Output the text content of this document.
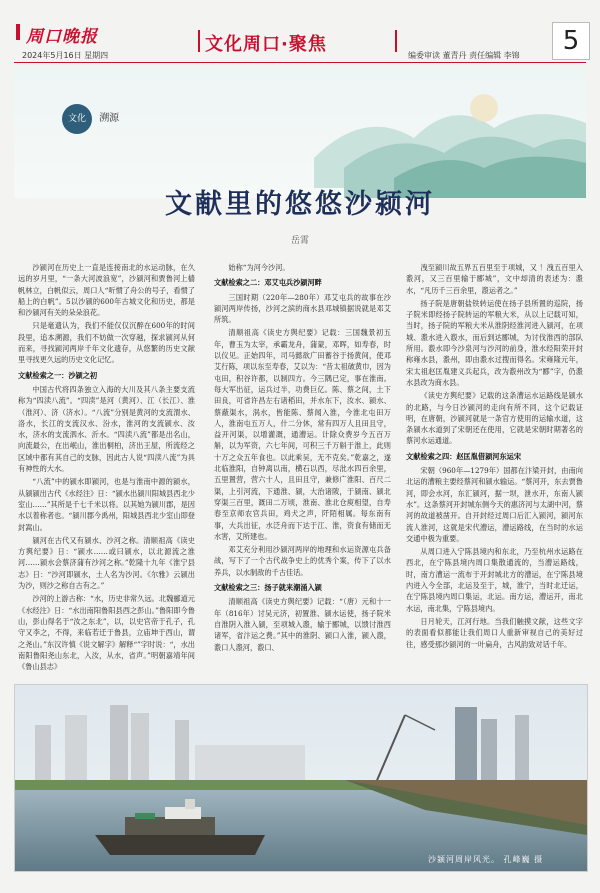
周口晚报
2024年5月16日 星期四
文化周口·聚焦
编委审读 董青丹 责任编辑 李锦	5
文化 溯源
文献里的悠悠沙颍河
岳霄

沙颍河在历史上一直是连接南北的水运动脉，在久远的岁月里，“一条大河波浪宽”，沙颍河和贾鲁河上樯帆林立，白帆似云，周口人“听惯了舟公的号子，看惯了船上的白帆”。5以沙颍的600年古城文化和历史，都是和沙颍河有关的朵朵浪花。

只是毫遗认为，我们不能仅仅沉醉在600年的时间段里，追本溯源，我们不妨做一次穿越，探求颍河从何而来，寻找颍河两岸千年文化遗存，从悠繁的历史文献里寻找更久远的历史文化记忆。

文献检索之一：沙颍之初

中国古代将四条独立入海的大川及其八条主要支流称为“四渎八流”。“四渎”是河（黄河）、江（长江）、淮（淮河）、济（济水）。“八流”分别是黄河的支流渭水、洛水，长江的支流汉水、汾水，淮河的支流颍水、汝水，济水的支流泗水、沂水。“四渎八流”都是出名山，向流最公，在出岷山，淮出桐柏，济出王屋，所流经之区域中都有其自己的支脉，因此古人说“四渎八流”为具有神性的大水。

“八流”中的颍水即颍河，也是与淮南中源的颍水，从颍颍出古代《水经注》日：“颍水出颍川阳城县西北少室山……”其所是千七千米以将。以其她为颍川郡，是因水以着称者也。“颍川郡今禹州，阳城县西北少室山即登封嵩山。

颍河在古代又有颍水、沙河之称。清顺祖高《读史方舆纪要》日：“颍水……或曰颍水，以北源流之淮河……颍水会蔡济蒲有沙河之称。”乾隆十九年《淮宁县志》日：“沙河即颍水，土人名为沙河。《尔雅》云颍出为沙，则沙之称自古有之。”

沙河的上游古称：“水，历史非常久远。北魏郦道元《水经注》日：“水出南阳鲁阳县西之彭山。”鲁阳即今鲁山，彭山得名于“汝之东北”，以，以史官帝于孔子，孔守又李之，不得，来临若迁于鲁县，立庙坤于西山，谓之尧山。”东汉许慎《说文解字》解释“”字时说：“，水出南阳鲁阳尧山东北，入汝，从水，省声。”明朝嘉靖年间《鲁山县志》

始称“为河今沙河。

文献检索之二：邓艾屯兵沙颍河畔

三国时期（220年—280年）邓艾屯兵的故事在沙颍河两岸传扬，沙河之滨的商水县邓城镇据说就是邓艾所筑。

清顺祖高《读史方舆纪要》记载：三国魏景初五年，曹玉为太宰，承霸龙舟，蒲蒙，邓晖，如寿春，时以仪见。正始四年，司马懿欲广田蓄谷于扬黄间，使邓艾行陈，项以东至寿春，艾以为：“昔太祖破黄巾，因为屯田，积谷许都，以制四方。今三隅已定，事在淮南。每大军出征，运兵过半，功费巨亿。陈、蔡之间，土下田良，可省许昌左右诸稻田，并水东下，汝水、颍水、蔡蔽渠水，涡水，皆能陈、蔡闻入淮，今淮北屯田万人，淮南屯五万人，什二分休，常有四万人且田且守，益开河渠，以增灌溉，通漕运。计除众费岁今五百万斛，以为军资，六七年间，可积三千万斛于淮上，此则十万之众五年食也。以此乘吴，无不克矣。”乾嘉之，遂北临淮阳，自钟离以南，横石以西，尽沘水四百余里，五里置营，营六十人，且田且守，兼修广淮阳、百尺二渠，上引河流，下通淮、颍，大治诸陂，于颍南、颍北穿渠三百里，溉田二万顷，淮南、淮北仓庾相望，自寿春至京师农官兵田，鸡犬之声，阡陌相属。每东南有事，大兵出征，水泛舟而下达于江、淮，资食有储而无水害，艾所建也。

邓艾充分利用沙颍河两岸的地理和水运资源屯兵备战，写下了一个古代战争史上的优秀个案，传下了以水养兵，以水制敌的千古佳话。

文献检索之三：扬子就来潮涌入颍

清顺祖高《读史方舆纪要》记载：“（唐）元和十一年（816年）讨吴元济，初置淮、颍水运使，扬子院米自淮阴入淮入颍，至项城入溵，输于郾城，以馈讨淮西诸军，省汴运之费。”其中的淮阴、颍口入淮，颍入溵，溵口人溵河，溵口、

洩至颍川故五界五百里至于项城，又 ！洩五百里入溵河，又三百里输于郾城”，文中却清的表述为：溵水，“凡历千三百余里，溵运者之。”

扬子院是唐朝盐铁转运使在扬子县所置的巡院，扬子院米即经扬子院转运的军粮大米，从以上记载可知，当时，扬子院的军粮大米从淮阴经淮河进入颍河，在项城、溵水进入溵水，而后到达郾城，为讨伐淮西的部队所用。溵水即今沙泉河与沙河的前身，淮水经阳荣开封称雍水县，溵州，即由溵水过搜而得名。宋雍隆元年，宋太祖赵匡胤建义兵起兵，改为溵州改为“郾”字，仍溵水县改为商水县。

《读史方舆纪要》记载的这条漕运水运路线是颍水的北路，与今日沙颍河的走向有所不同，这个记载证明，在唐朝，沙颍河就是一条官方使用的运输水道，这条颍水水道到了宋朝还在使用，它就是宋朝时期著名的蔡河水运通道。

文献检索之四：赵匡胤借颍河东运宋

宋朝（960年—1279年）国都在汴梁开封，由南向北运的漕粮主要经蔡河和颍水输运。“蔡河开，东去贾鲁河，即会水河，东汇颍河，据一坝，泄水开，东南人颍水”。这条蔡河开封城东侧今天的惠济河与太湖中河，蔡河的故道被凿开。自开封经过周口后汇入颍河，颍河东流人淮河，这就是宋代漕运，漕运路线，在当时的水运交通中极为重要。

从周口进入宁陈县境内和东北，乃至杭州水运路在西北，在宁陈县境内周口集散通流的，当漕运路线，时，南方漕运一流布于开封城北方的漕运，在宁陈县境内进入今全部，北运及至于，城，淮宁，当时北迁运，在宁陈县境内周口集运，北运。南方运，漕运开，南北水运，南北集，宁陈县境内。

日月轮天，江河行地。当我们触摸文献，这些文字的表面看似都能让我们周口人重新审视自己的美好过往，感受那沙颍河的一叶扁舟，古风韵致对话千年。

沙颍河周岸风光。 孔峰巍 摄
